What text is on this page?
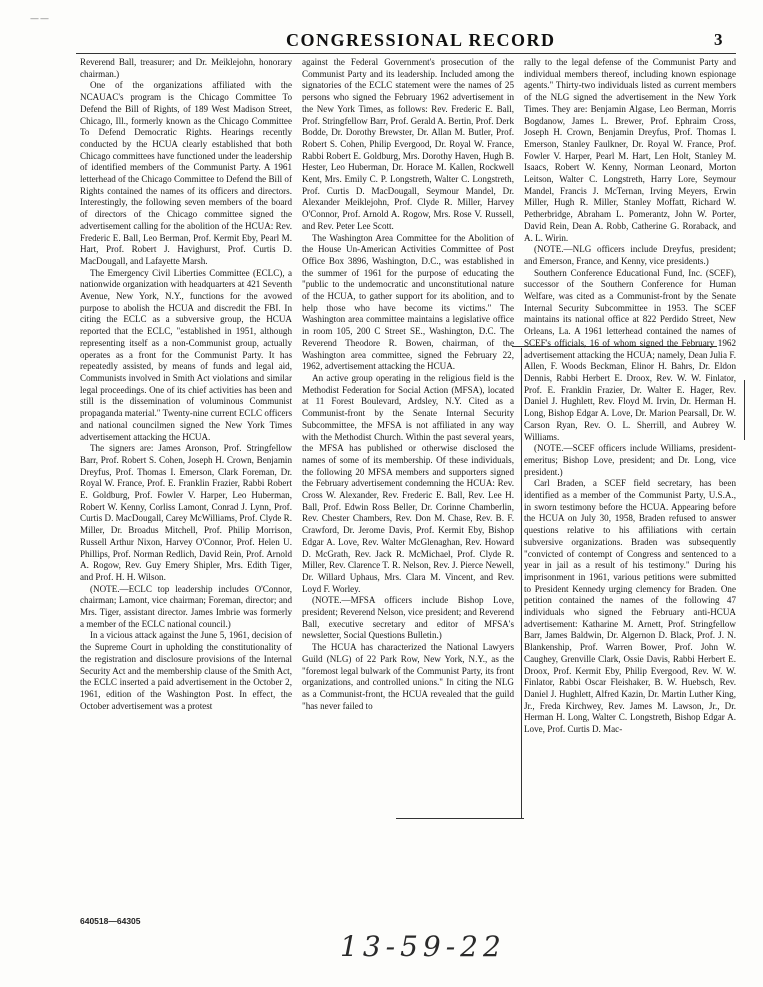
——
CONGRESSIONAL RECORD	3

Reverend Ball, treasurer; and Dr. Meiklejohn, honorary chairman.)

One of the organizations affiliated with the NCAUAC's program is the Chicago Committee To Defend the Bill of Rights, of 189 West Madison Street, Chicago, Ill., formerly known as the Chicago Committee To Defend Democratic Rights. Hearings recently conducted by the HCUA clearly established that both Chicago committees have functioned under the leadership of identified members of the Communist Party. A 1961 letterhead of the Chicago Committee to Defend the Bill of Rights contained the names of its officers and directors. Interestingly, the following seven members of the board of directors of the Chicago committee signed the advertisement calling for the abolition of the HCUA: Rev. Frederic E. Ball, Leo Berman, Prof. Kermit Eby, Pearl M. Hart, Prof. Robert J. Havighurst, Prof. Curtis D. MacDougall, and Lafayette Marsh.

The Emergency Civil Liberties Committee (ECLC), a nationwide organization with headquarters at 421 Seventh Avenue, New York, N.Y., functions for the avowed purpose to abolish the HCUA and discredit the FBI. In citing the ECLC as a subversive group, the HCUA reported that the ECLC, "established in 1951, although representing itself as a non-Communist group, actually operates as a front for the Communist Party. It has repeatedly assisted, by means of funds and legal aid, Communists involved in Smith Act violations and similar legal proceedings. One of its chief activities has been and still is the dissemination of voluminous Communist propaganda material." Twenty-nine current ECLC officers and national councilmen signed the New York Times advertisement attacking the HCUA.

The signers are: James Aronson, Prof. Stringfellow Barr, Prof. Robert S. Cohen, Joseph H. Crown, Benjamin Dreyfus, Prof. Thomas I. Emerson, Clark Foreman, Dr. Royal W. France, Prof. E. Franklin Frazier, Rabbi Robert E. Goldburg, Prof. Fowler V. Harper, Leo Huberman, Robert W. Kenny, Corliss Lamont, Conrad J. Lynn, Prof. Curtis D. MacDougall, Carey McWilliams, Prof. Clyde R. Miller, Dr. Broadus Mitchell, Prof. Philip Morrison, Russell Arthur Nixon, Harvey O'Connor, Prof. Helen U. Phillips, Prof. Norman Redlich, David Rein, Prof. Arnold A. Rogow, Rev. Guy Emery Shipler, Mrs. Edith Tiger, and Prof. H. H. Wilson.

(NOTE.—ECLC top leadership includes O'Connor, chairman; Lamont, vice chairman; Foreman, director; and Mrs. Tiger, assistant director. James Imbrie was formerly a member of the ECLC national council.)

In a vicious attack against the June 5, 1961, decision of the Supreme Court in upholding the constitutionality of the registration and disclosure provisions of the Internal Security Act and the membership clause of the Smith Act, the ECLC inserted a paid advertisement in the October 2, 1961, edition of the Washington Post. In effect, the October advertisement was a protest

against the Federal Government's prosecution of the Communist Party and its leadership. Included among the signatories of the ECLC statement were the names of 25 persons who signed the February 1962 advertisement in the New York Times, as follows: Rev. Frederic E. Ball, Prof. Stringfellow Barr, Prof. Gerald A. Bertin, Prof. Derk Bodde, Dr. Dorothy Brewster, Dr. Allan M. Butler, Prof. Robert S. Cohen, Philip Evergood, Dr. Royal W. France, Rabbi Robert E. Goldburg, Mrs. Dorothy Haven, Hugh B. Hester, Leo Huberman, Dr. Horace M. Kallen, Rockwell Kent, Mrs. Emily C. P. Longstreth, Walter C. Longstreth, Prof. Curtis D. MacDougall, Seymour Mandel, Dr. Alexander Meiklejohn, Prof. Clyde R. Miller, Harvey O'Connor, Prof. Arnold A. Rogow, Mrs. Rose V. Russell, and Rev. Peter Lee Scott.

The Washington Area Committee for the Abolition of the House Un-American Activities Committee of Post Office Box 3896, Washington, D.C., was established in the summer of 1961 for the purpose of educating the "public to the undemocratic and unconstitutional nature of the HCUA, to gather support for its abolition, and to help those who have become its victims." The Washington area committee maintains a legislative office in room 105, 200 C Street SE., Washington, D.C. The Reverend Theodore R. Bowen, chairman, of the Washington area committee, signed the February 22, 1962, advertisement attacking the HCUA.

An active group operating in the religious field is the Methodist Federation for Social Action (MFSA), located at 11 Forest Boulevard, Ardsley, N.Y. Cited as a Communist-front by the Senate Internal Security Subcommittee, the MFSA is not affiliated in any way with the Methodist Church. Within the past several years, the MFSA has published or otherwise disclosed the names of some of its membership. Of these individuals, the following 20 MFSA members and supporters signed the February advertisement condemning the HCUA: Rev. Cross W. Alexander, Rev. Frederic E. Ball, Rev. Lee H. Ball, Prof. Edwin Ross Beller, Dr. Corinne Chamberlin, Rev. Chester Chambers, Rev. Don M. Chase, Rev. B. F. Crawford, Dr. Jerome Davis, Prof. Kermit Eby, Bishop Edgar A. Love, Rev. Walter McGlenaghan, Rev. Howard D. McGrath, Rev. Jack R. McMichael, Prof. Clyde R. Miller, Rev. Clarence T. R. Nelson, Rev. J. Pierce Newell, Dr. Willard Uphaus, Mrs. Clara M. Vincent, and Rev. Loyd F. Worley.

(NOTE.—MFSA officers include Bishop Love, president; Reverend Nelson, vice president; and Reverend Ball, executive secretary and editor of MFSA's newsletter, Social Questions Bulletin.)

The HCUA has characterized the National Lawyers Guild (NLG) of 22 Park Row, New York, N.Y., as the "foremost legal bulwark of the Communist Party, its front organizations, and controlled unions." In citing the NLG as a Communist-front, the HCUA revealed that the guild "has never failed to

rally to the legal defense of the Communist Party and individual members thereof, including known espionage agents." Thirty-two individuals listed as current members of the NLG signed the advertisement in the New York Times. They are: Benjamin Algase, Leo Berman, Morris Bogdanow, James L. Brewer, Prof. Ephraim Cross, Joseph H. Crown, Benjamin Dreyfus, Prof. Thomas I. Emerson, Stanley Faulkner, Dr. Royal W. France, Prof. Fowler V. Harper, Pearl M. Hart, Len Holt, Stanley M. Isaacs, Robert W. Kenny, Norman Leonard, Morton Leitson, Walter C. Longstreth, Harry Lore, Seymour Mandel, Francis J. McTernan, Irving Meyers, Erwin Miller, Hugh R. Miller, Stanley Moffatt, Richard W. Petherbridge, Abraham L. Pomerantz, John W. Porter, David Rein, Dean A. Robb, Catherine G. Roraback, and A. L. Wirin.

(NOTE.—NLG officers include Dreyfus, president; and Emerson, France, and Kenny, vice presidents.)

Southern Conference Educational Fund, Inc. (SCEF), successor of the Southern Conference for Human Welfare, was cited as a Communist-front by the Senate Internal Security Subcommittee in 1953. The SCEF maintains its national office at 822 Perdido Street, New Orleans, La. A 1961 letterhead contained the names of SCEF's officials, 16 of whom signed the February 1962 advertisement attacking the HCUA; namely, Dean Julia F. Allen, F. Woods Beckman, Elinor H. Bahrs, Dr. Eldon Dennis, Rabbi Herbert E. Droox, Rev. W. W. Finlator, Prof. E. Franklin Frazier, Dr. Walter E. Hager, Rev. Daniel J. Hughlett, Rev. Floyd M. Irvin, Dr. Herman H. Long, Bishop Edgar A. Love, Dr. Marion Pearsall, Dr. W. Carson Ryan, Rev. O. L. Sherrill, and Aubrey W. Williams.

(NOTE.—SCEF officers include Williams, president-emeritus; Bishop Love, president; and Dr. Long, vice president.)

Carl Braden, a SCEF field secretary, has been identified as a member of the Communist Party, U.S.A., in sworn testimony before the HCUA. Appearing before the HCUA on July 30, 1958, Braden refused to answer questions relative to his affiliations with certain subversive organizations. Braden was subsequently "convicted of contempt of Congress and sentenced to a year in jail as a result of his testimony." During his imprisonment in 1961, various petitions were submitted to President Kennedy urging clemency for Braden. One petition contained the names of the following 47 individuals who signed the February anti-HCUA advertisement: Katharine M. Arnett, Prof. Stringfellow Barr, James Baldwin, Dr. Algernon D. Black, Prof. J. N. Blankenship, Prof. Warren Bower, Prof. John W. Caughey, Grenville Clark, Ossie Davis, Rabbi Herbert E. Droox, Prof. Kermit Eby, Philip Evergood, Rev. W. W. Finlator, Rabbi Oscar Fleishaker, B. W. Huebsch, Rev. Daniel J. Hughlett, Alfred Kazin, Dr. Martin Luther King, Jr., Freda Kirchwey, Rev. James M. Lawson, Jr., Dr. Herman H. Long, Walter C. Longstreth, Bishop Edgar A. Love, Prof. Curtis D. Mac-

640518—64305
13-59-22
